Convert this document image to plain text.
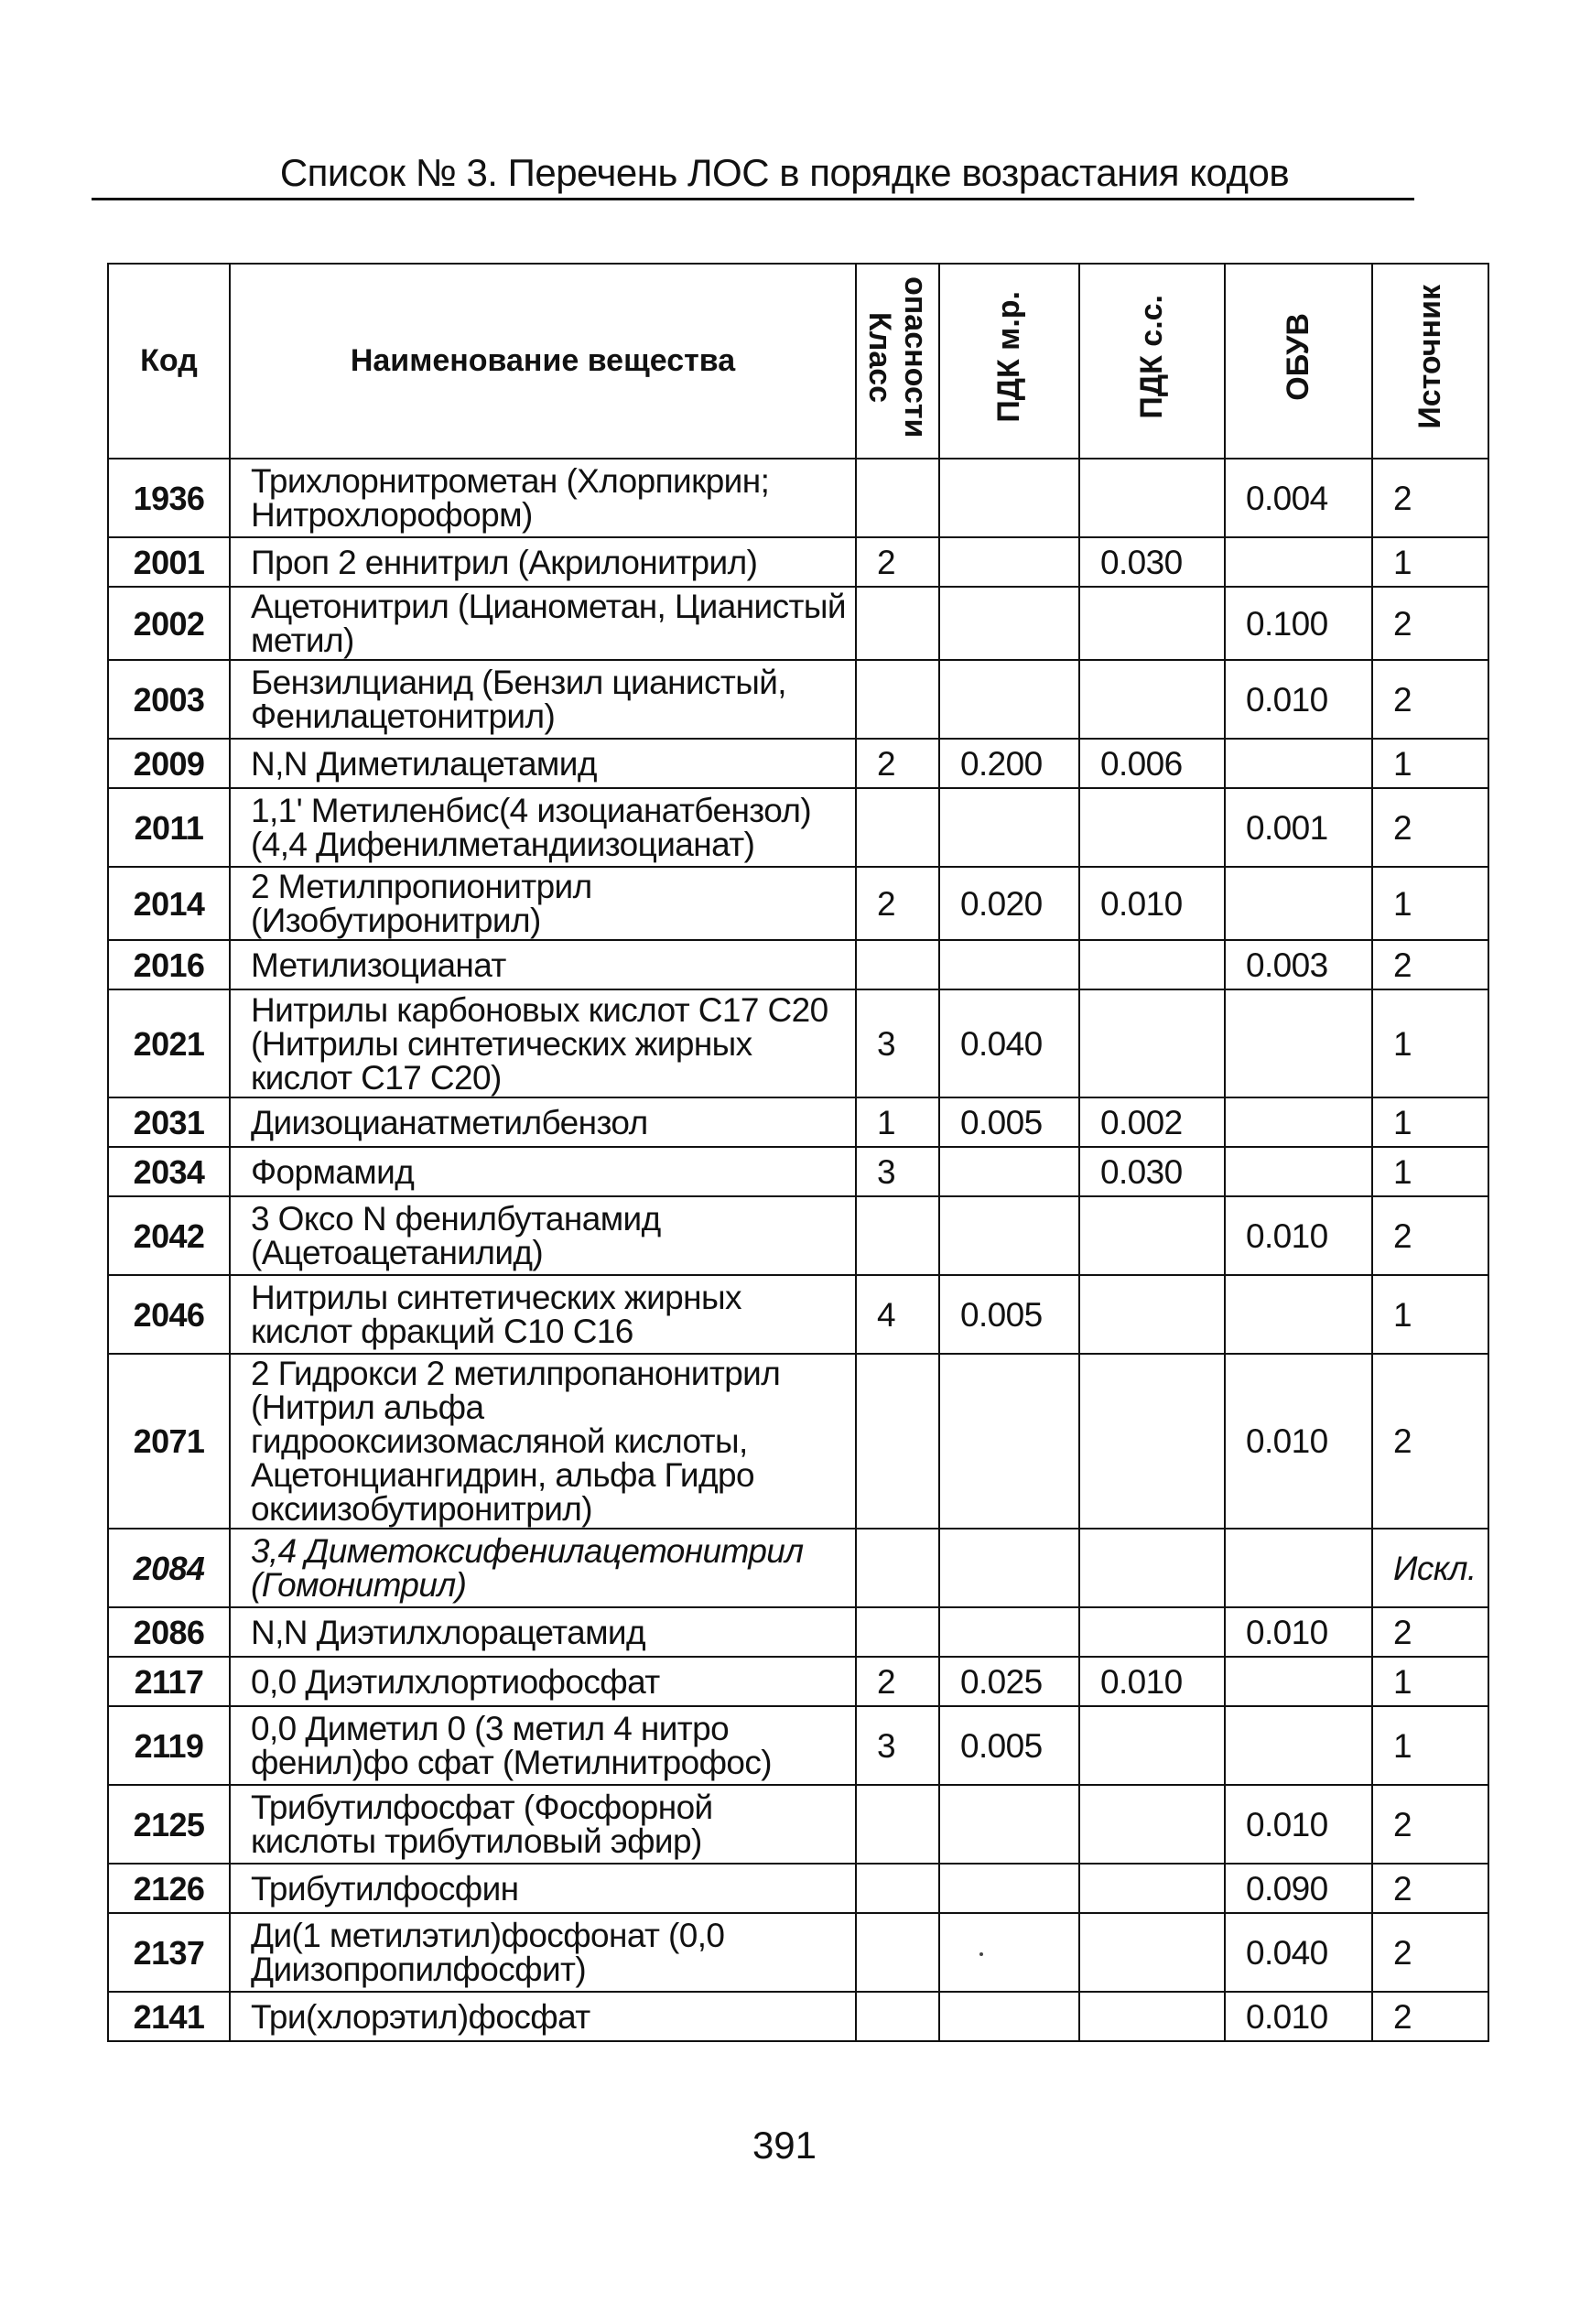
Список № 3. Перечень ЛОС в порядке возрастания кодов
Код	Наименование вещества	Класс опасности	ПДК м.р.	ПДК с.с.	ОБУВ	Источник
1936	Трихлорнитрометан (Хлорпикрин; Нитрохлороформ)				0.004	2
2001	Проп 2 еннитрил (Акрилонитрил)	2		0.030		1
2002	Ацетонитрил (Цианометан, Цианистый метил)				0.100	2
2003	Бензилцианид (Бензил цианистый, Фенилацетонитрил)				0.010	2
2009	N,N Диметилацетамид	2	0.200	0.006		1
2011	1,1' Метиленбис(4 изоцианатбензол) (4,4 Дифенилметандиизоцианат)				0.001	2
2014	2 Метилпропионитрил (Изобутиронитрил)	2	0.020	0.010		1
2016	Метилизоцианат				0.003	2
2021	Нитрилы карбоновых кислот С17 С20 (Нитрилы синтетических жирных кислот С17 С20)	3	0.040			1
2031	Диизоцианатметилбензол	1	0.005	0.002		1
2034	Формамид	3		0.030		1
2042	3 Оксо N фенилбутанамид (Ацетоацетанилид)				0.010	2
2046	Нитрилы синтетических жирных кислот фракций С10 С16	4	0.005			1
2071	2 Гидрокси 2 метилпропанонитрил (Нитрил альфа гидрооксиизомасляной кислоты, Ацетонциангидрин, альфа Гидро оксиизобутиронитрил)				0.010	2
2084	3,4 Диметоксифенилацетонитрил (Гомонитрил)					Искл.
2086	N,N Диэтилхлорацетамид				0.010	2
2117	0,0 Диэтилхлортиофосфат	2	0.025	0.010		1
2119	0,0 Диметил 0 (3 метил 4 нитро фенил)фо сфат (Метилнитрофос)	3	0.005			1
2125	Трибутилфосфат (Фосфорной кислоты трибутиловый эфир)				0.010	2
2126	Трибутилфосфин				0.090	2
2137	Ди(1 метилэтил)фосфонат (0,0 Диизопропилфосфит)				0.040	2
2141	Три(хлорэтил)фосфат				0.010	2
391
